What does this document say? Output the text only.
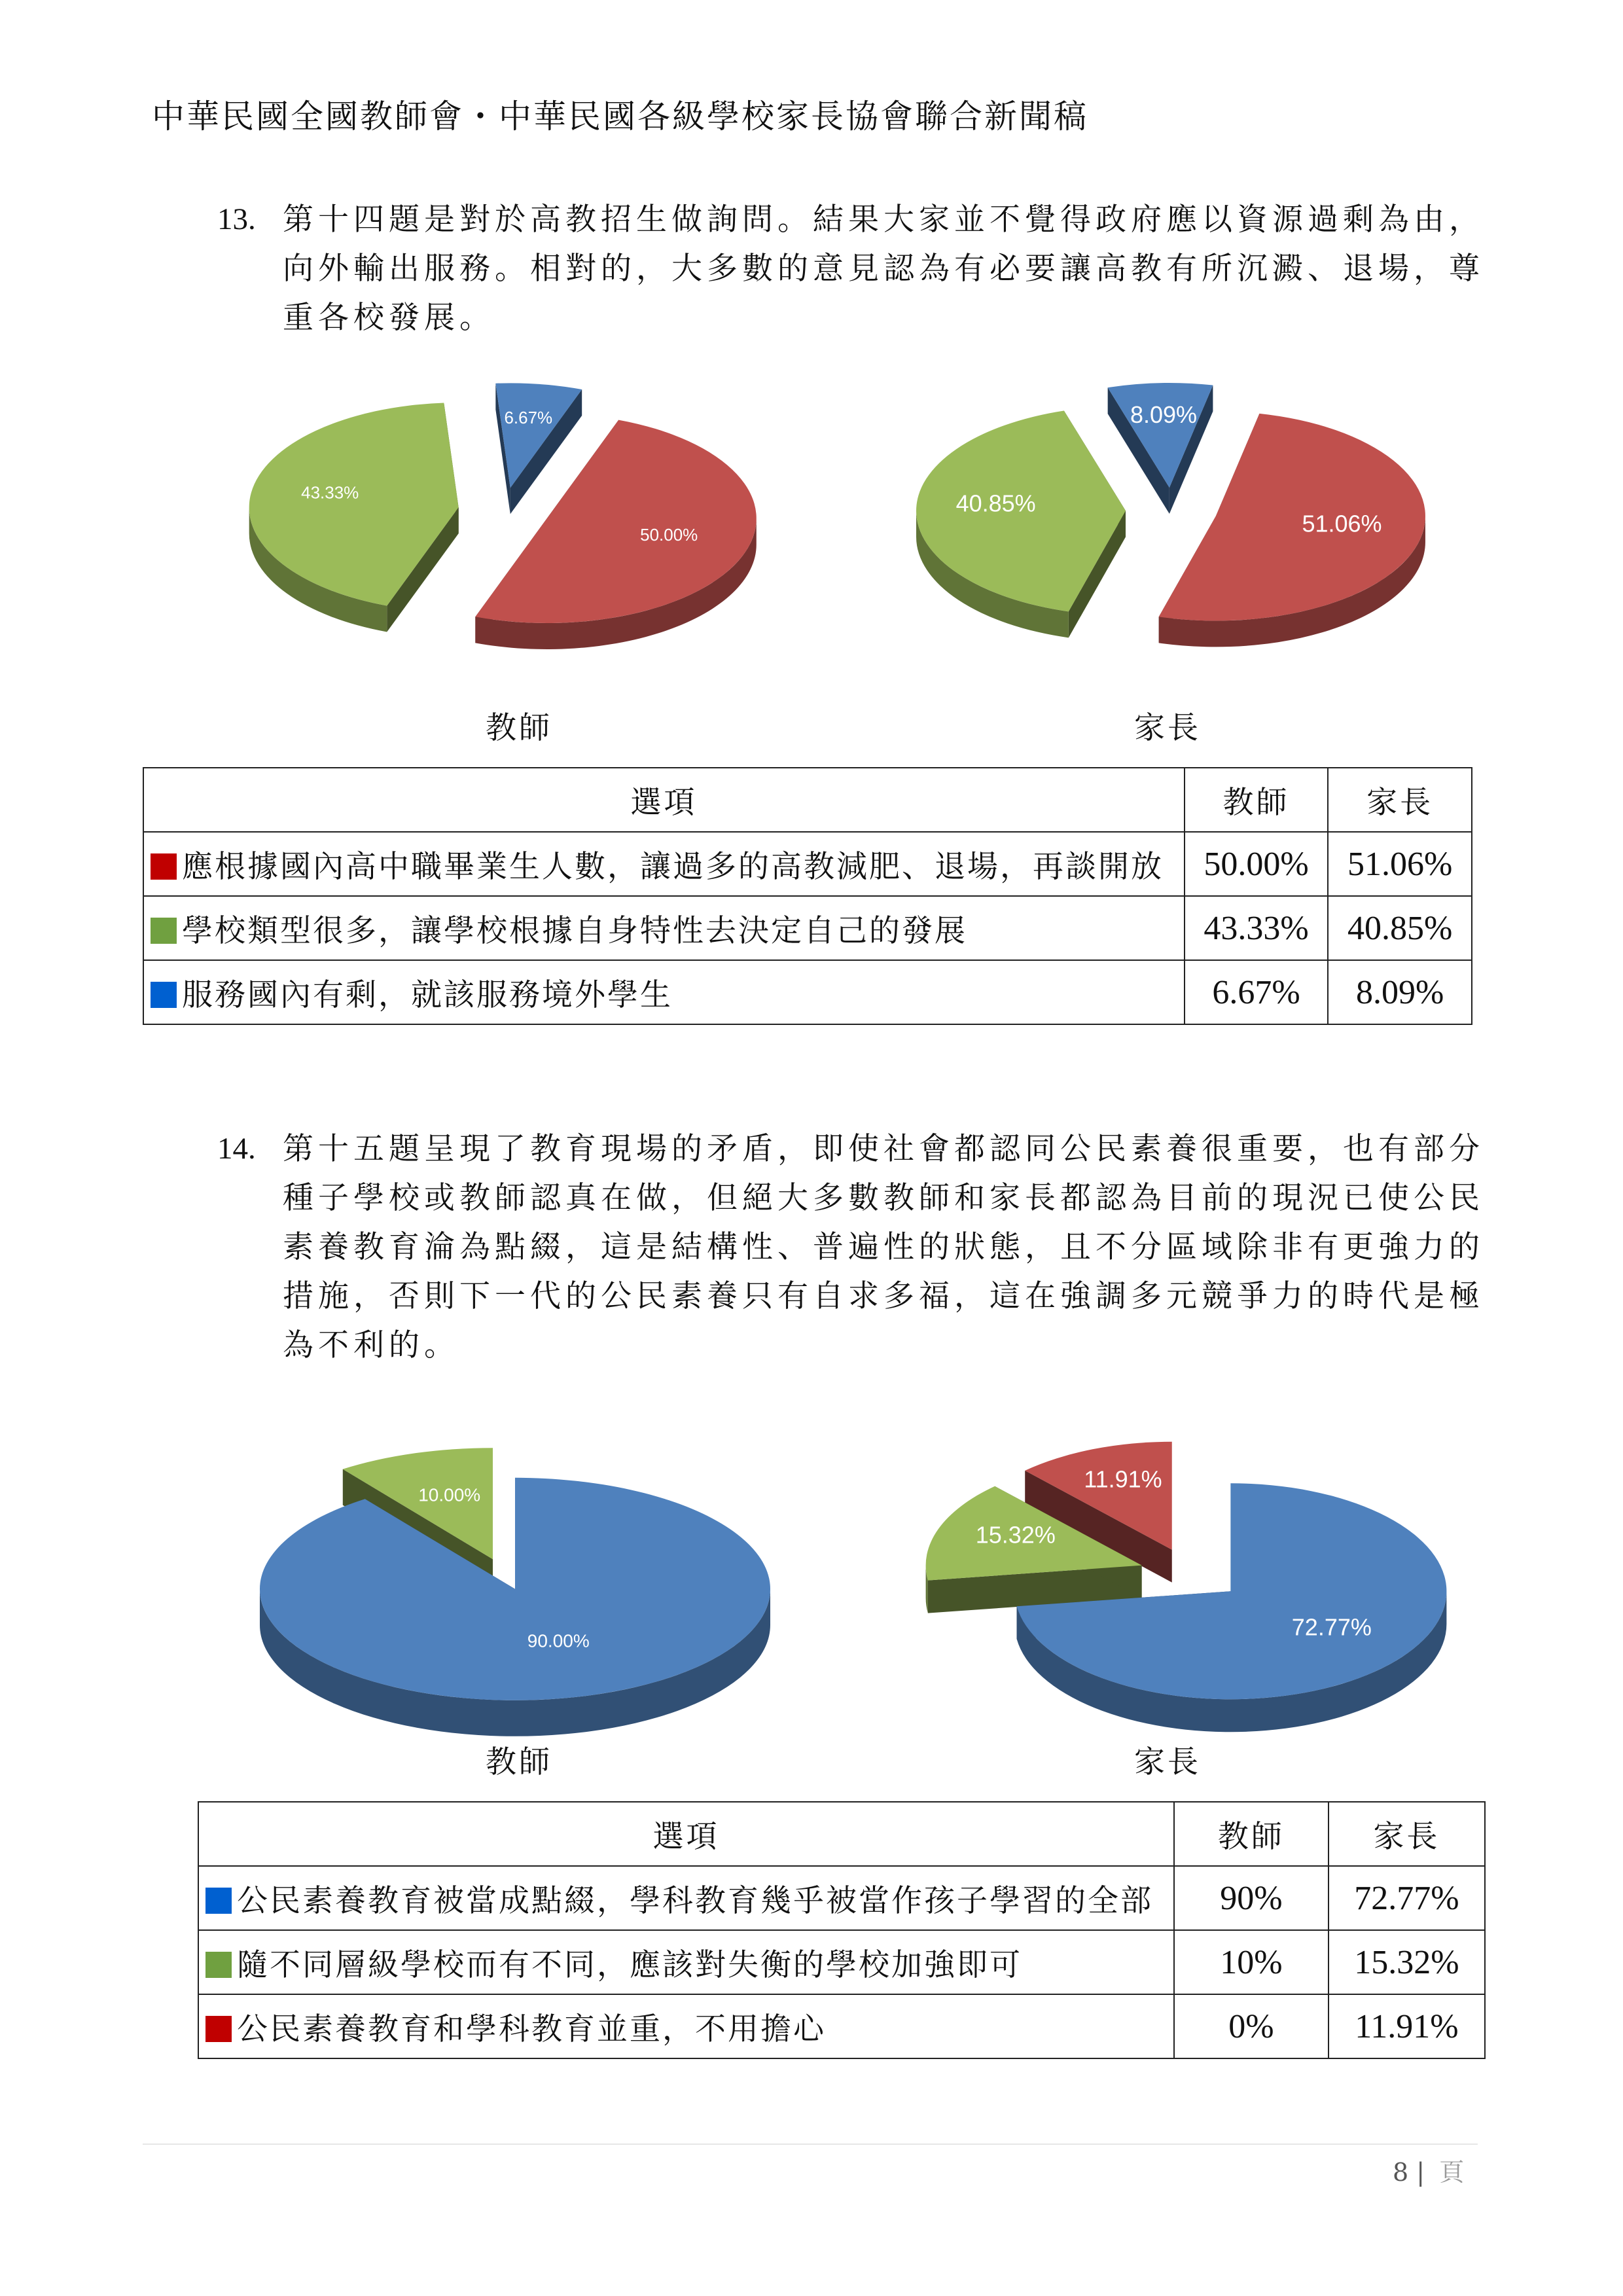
中華民國全國教師會・中華民國各級學校家長協會聯合新聞稿
13. 第十四題是對於高教招生做詢問。結果大家並不覺得政府應以資源過剩為由，
向外輸出服務。相對的，大多數的意見認為有必要讓高教有所沉澱、退場，尊
重各校發展。
50.00%
43.33%
6.67%
51.06%
40.85%
8.09%
教師	家長
選項	教師	家長
應根據國內高中職畢業生人數，讓過多的高教減肥、退場，再談開放	50.00%	51.06%
學校類型很多，讓學校根據自身特性去決定自己的發展	43.33%	40.85%
服務國內有剩，就該服務境外學生	6.67%	8.09%
14. 第十五題呈現了教育現場的矛盾，即使社會都認同公民素養很重要，也有部分
種子學校或教師認真在做，但絕大多數教師和家長都認為目前的現況已使公民
素養教育淪為點綴，這是結構性、普遍性的狀態，且不分區域除非有更強力的
措施，否則下一代的公民素養只有自求多福，這在強調多元競爭力的時代是極
為不利的。
90.00%
10.00%
72.77%
15.32%
11.91%
教師	家長
選項	教師	家長
公民素養教育被當成點綴，學科教育幾乎被當作孩子學習的全部	90%	72.77%
隨不同層級學校而有不同，應該對失衡的學校加強即可	10%	15.32%
公民素養教育和學科教育並重，不用擔心	0%	11.91%
8 | 頁
